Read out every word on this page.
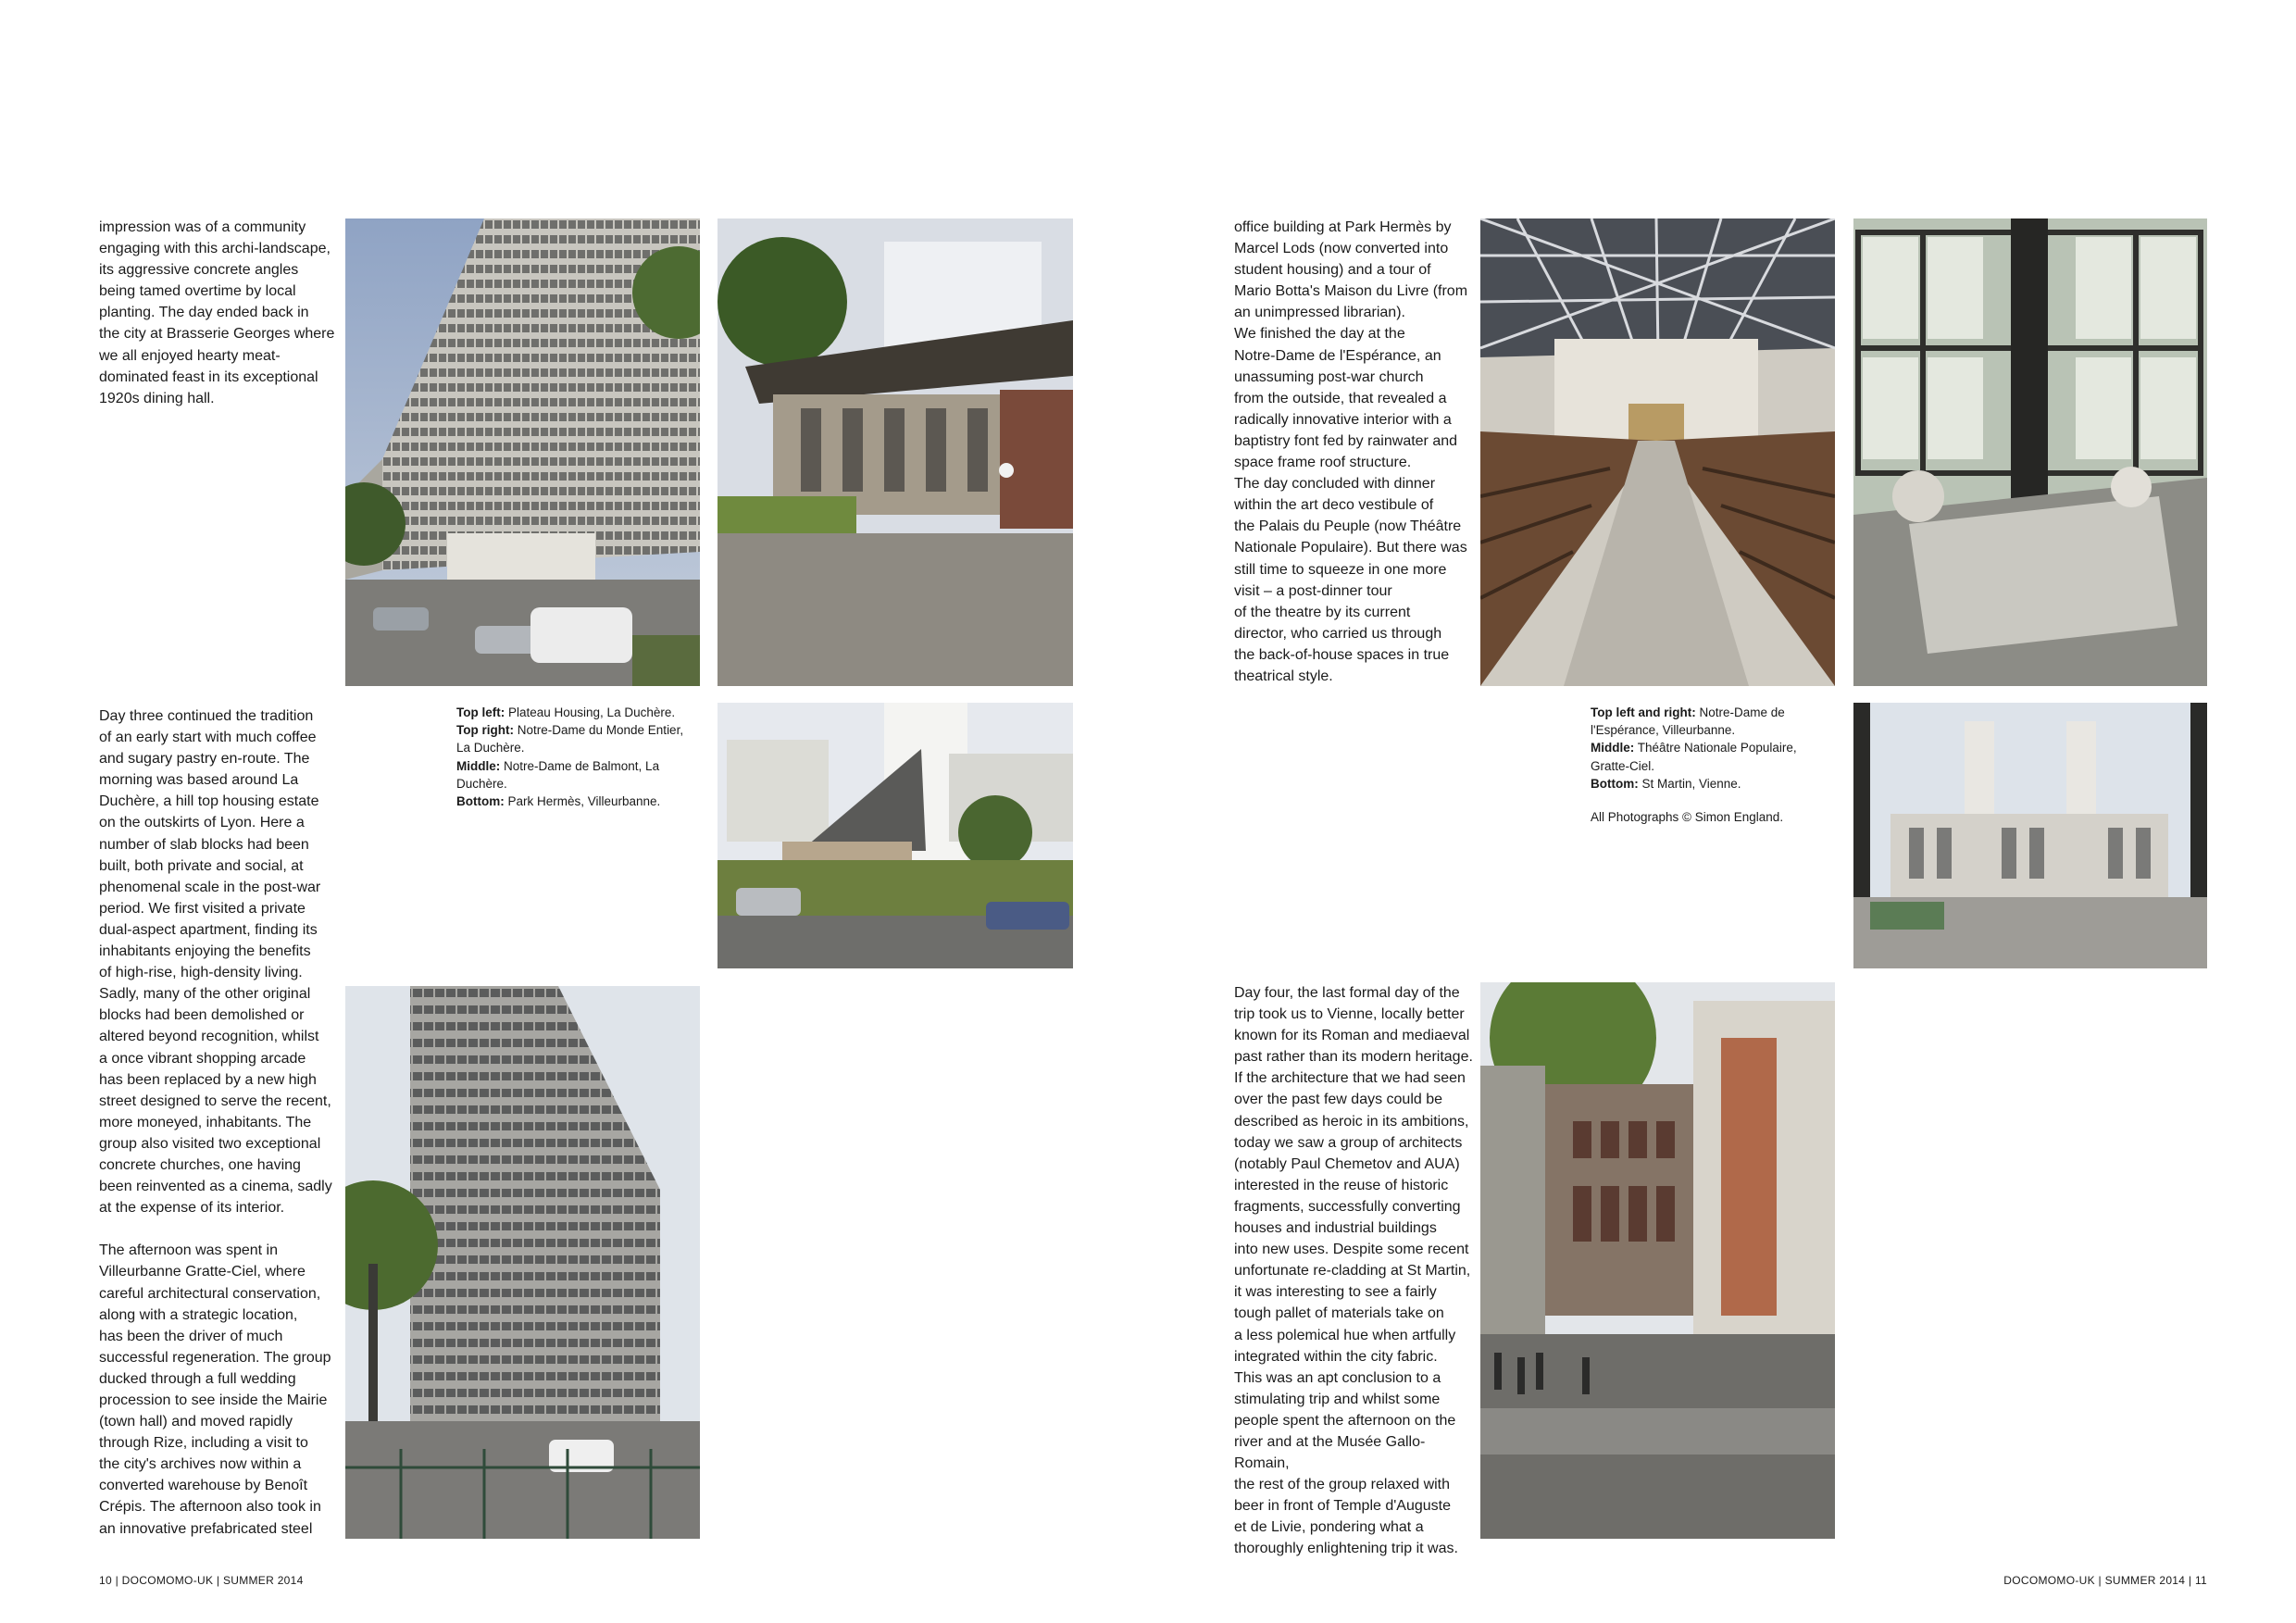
impression was of a community
engaging with this archi-landscape,
its aggressive concrete angles
being tamed overtime by local
planting. The day ended back in
the city at Brasserie Georges where
we all enjoyed hearty meat-
dominated feast in its exceptional
1920s dining hall.

Day three continued the tradition
of an early start with much coffee
and sugary pastry en-route. The
morning was based around La
Duchère, a hill top housing estate
on the outskirts of Lyon. Here a
number of slab blocks had been
built, both private and social, at
phenomenal scale in the post-war
period. We first visited a private
dual-aspect apartment, finding its
inhabitants enjoying the benefits
of high-rise, high-density living.
Sadly, many of the other original
blocks had been demolished or
altered beyond recognition, whilst
a once vibrant shopping arcade
has been replaced by a new high
street designed to serve the recent,
more moneyed, inhabitants. The
group also visited two exceptional
concrete churches, one having
been reinvented as a cinema, sadly
at the expense of its interior.

The afternoon was spent in
Villeurbanne Gratte-Ciel, where
careful architectural conservation,
along with a strategic location,
has been the driver of much
successful regeneration. The group
ducked through a full wedding
procession to see inside the Mairie
(town hall) and moved rapidly
through Rize, including a visit to
the city's archives now within a
converted warehouse by Benoît
Crépis. The afternoon also took in
an innovative prefabricated steel

Top left: Plateau Housing, La Duchère.
Top right: Notre-Dame du Monde Entier,
La Duchère.
Middle: Notre-Dame de Balmont, La
Duchère.
Bottom: Park Hermès, Villeurbanne.
10 | DOCOMOMO-UK | SUMMER 2014

office building at Park Hermès by
Marcel Lods (now converted into
student housing) and a tour of
Mario Botta's Maison du Livre (from
an unimpressed librarian).
We finished the day at the
Notre-Dame de l'Espérance, an
unassuming post-war church
from the outside, that revealed a
radically innovative interior with a
baptistry font fed by rainwater and
space frame roof structure.
The day concluded with dinner
within the art deco vestibule of
the Palais du Peuple (now Théâtre
Nationale Populaire). But there was
still time to squeeze in one more
visit – a post-dinner tour
of the theatre by its current
director, who carried us through
the back-of-house spaces in true
theatrical style.

Day four, the last formal day of the
trip took us to Vienne, locally better
known for its Roman and mediaeval
past rather than its modern heritage.
If the architecture that we had seen
over the past few days could be
described as heroic in its ambitions,
today we saw a group of architects
(notably Paul Chemetov and AUA)
interested in the reuse of historic
fragments, successfully converting
houses and industrial buildings
into new uses. Despite some recent
unfortunate re-cladding at St Martin,
it was interesting to see a fairly
tough pallet of materials take on
a less polemical hue when artfully
integrated within the city fabric.
This was an apt conclusion to a
stimulating trip and whilst some
people spent the afternoon on the
river and at the Musée Gallo-Romain,
the rest of the group relaxed with
beer in front of Temple d'Auguste
et de Livie, pondering what a
thoroughly enlightening trip it was.

Top left and right: Notre-Dame de
l'Espérance, Villeurbanne.
Middle: Théâtre Nationale Populaire,
Gratte-Ciel.
Bottom: St Martin, Vienne.
All Photographs © Simon England.
DOCOMOMO-UK | SUMMER 2014 | 11
